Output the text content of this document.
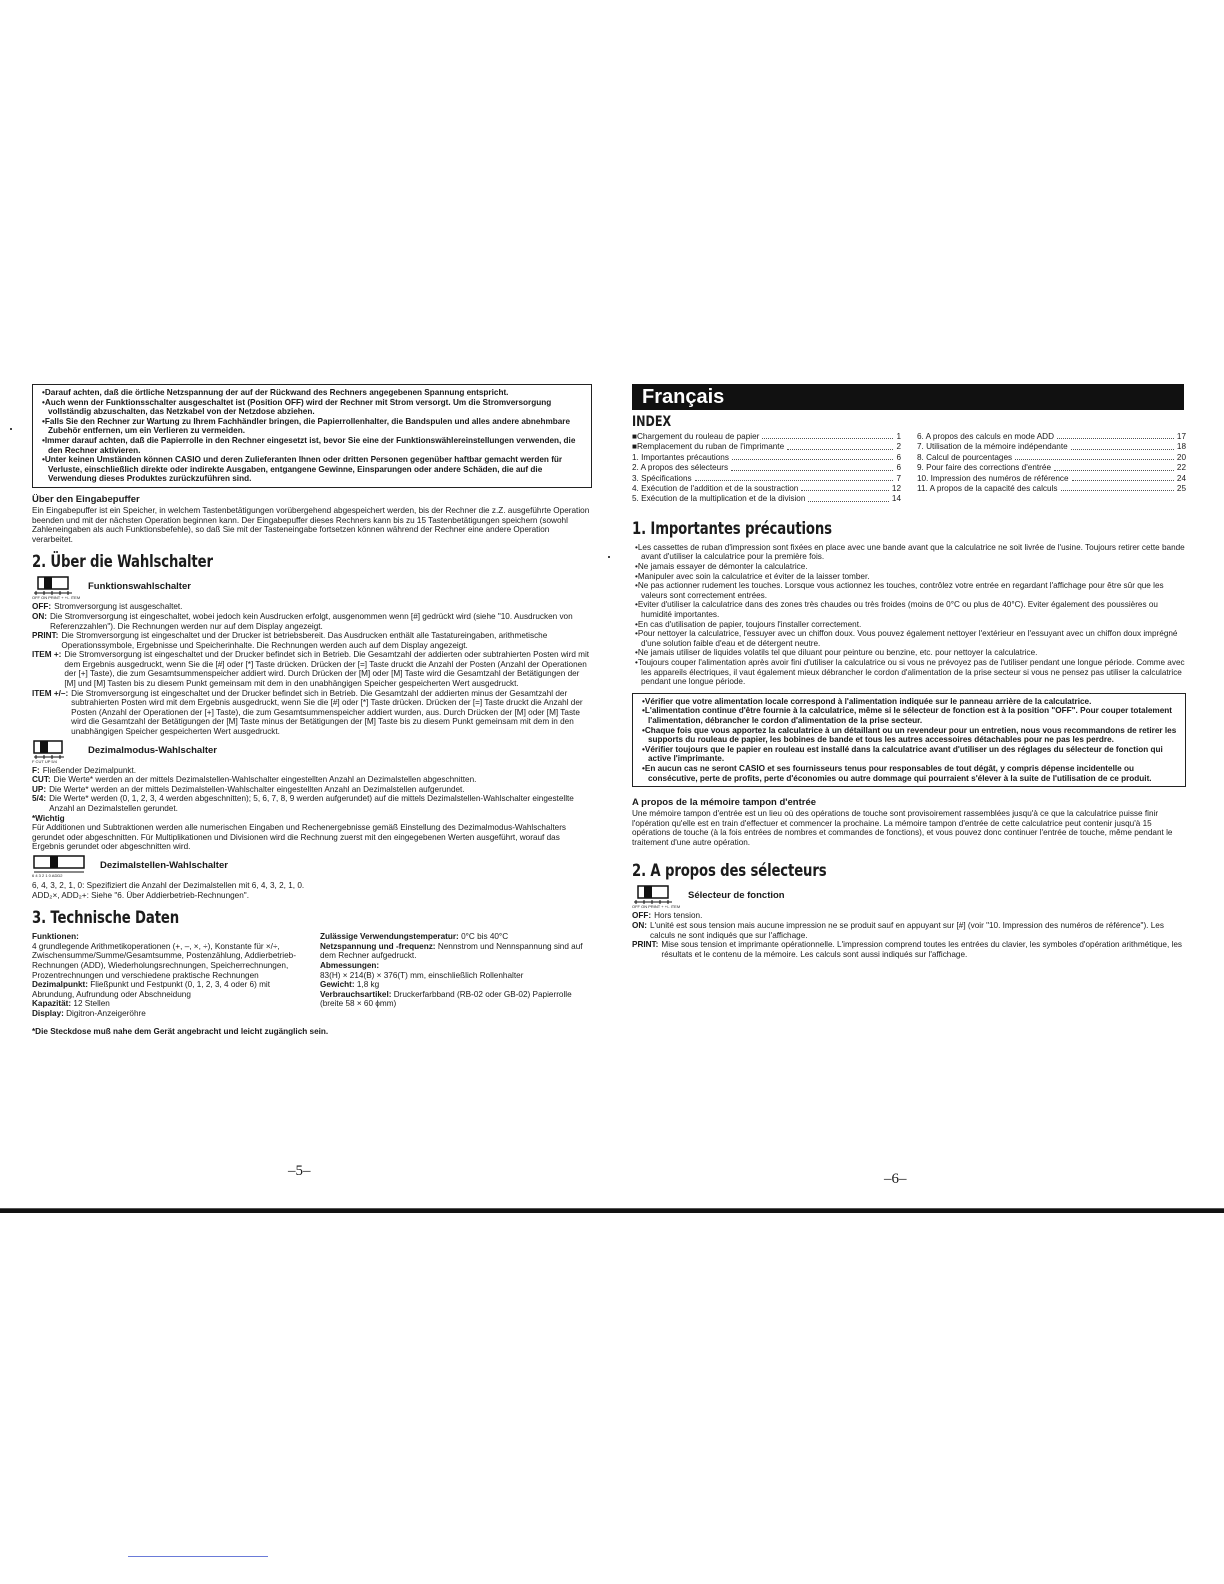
•Darauf achten, daß die örtliche Netzspannung der auf der Rückwand des Rechners angegebenen Spannung entspricht.

•Auch wenn der Funktionsschalter ausgeschaltet ist (Position OFF) wird der Rechner mit Strom versorgt. Um die Stromversorgung vollständig abzuschalten, das Netzkabel von der Netzdose abziehen.

•Falls Sie den Rechner zur Wartung zu Ihrem Fachhändler bringen, die Papierrollenhalter, die Bandspulen und alles andere abnehmbare Zubehör entfernen, um ein Verlieren zu vermeiden.

•Immer darauf achten, daß die Papierrolle in den Rechner eingesetzt ist, bevor Sie eine der Funktionswählereinstellungen verwenden, die den Rechner aktivieren.

•Unter keinen Umständen können CASIO und deren Zulieferanten Ihnen oder dritten Personen gegenüber haftbar gemacht werden für Verluste, einschließlich direkte oder indirekte Ausgaben, entgangene Gewinne, Einsparungen oder andere Schäden, die auf die Verwendung dieses Produktes zurückzuführen sind.

Über den Eingabepuffer

Ein Eingabepuffer ist ein Speicher, in welchem Tastenbetätigungen vorübergehend abgespeichert werden, bis der Rechner die z.Z. ausgeführte Operation beenden und mit der nächsten Operation beginnen kann. Der Eingabepuffer dieses Rechners kann bis zu 15 Tastenbetätigungen speichern (sowohl Zahleneingaben als auch Funktionsbefehle), so daß Sie mit der Tasteneingabe fortsetzen können während der Rechner eine andere Operation verarbeitet.

2. Über die Wahlschalter
OFF ON PRINT + +/- ITEM
Funktionswahlschalter
OFF: Stromversorgung ist ausgeschaltet.
ON: Die Stromversorgung ist eingeschaltet, wobei jedoch kein Ausdrucken erfolgt, ausgenommen wenn [#] gedrückt wird (siehe "10. Ausdrucken von Referenzzahlen"). Die Rechnungen werden nur auf dem Display angezeigt.
PRINT: Die Stromversorgung ist eingeschaltet und der Drucker ist betriebsbereit. Das Ausdrucken enthält alle Tastatureingaben, arithmetische Operationssymbole, Ergebnisse und Speicherinhalte. Die Rechnungen werden auch auf dem Display angezeigt.
ITEM +: Die Stromversorgung ist eingeschaltet und der Drucker befindet sich in Betrieb. Die Gesamtzahl der addierten oder subtrahierten Posten wird mit dem Ergebnis ausgedruckt, wenn Sie die [#] oder [*] Taste drücken. Drücken der [=] Taste druckt die Anzahl der Posten (Anzahl der Operationen der [+] Taste), die zum Gesamtsummenspeicher addiert wird. Durch Drücken der [M] oder [M] Taste wird die Gesamtzahl der Betätigungen der [M] und [M] Tasten bis zu diesem Punkt gemeinsam mit dem in den unabhängigen Speicher gespeicherten Wert ausgedruckt.
ITEM +/–: Die Stromversorgung ist eingeschaltet und der Drucker befindet sich in Betrieb. Die Gesamtzahl der addierten minus der Gesamtzahl der subtrahierten Posten wird mit dem Ergebnis ausgedruckt, wenn Sie die [#] oder [*] Taste drücken. Drücken der [=] Taste druckt die Anzahl der Posten (Anzahl der Operationen der [+] Taste), die zum Gesamtsummenspeicher addiert wurden, aus. Durch Drücken der [M] oder [M] Taste wird die Gesamtzahl der Betätigungen der [M] Taste minus der Betätigungen der [M] Taste bis zu diesem Punkt gemeinsam mit dem in den unabhängigen Speicher gespeicherten Wert ausgedruckt.
F CUT UP 5/4
Dezimalmodus-Wahlschalter
F: Fließender Dezimalpunkt.
CUT: Die Werte* werden an der mittels Dezimalstellen-Wahlschalter eingestellten Anzahl an Dezimalstellen abgeschnitten.
UP: Die Werte* werden an der mittels Dezimalstellen-Wahlschalter eingestellten Anzahl an Dezimalstellen aufgerundet.
5/4: Die Werte* werden (0, 1, 2, 3, 4 werden abgeschnitten); 5, 6, 7, 8, 9 werden aufgerundet) auf die mittels Dezimalstellen-Wahlschalter eingestellte Anzahl an Dezimalstellen gerundet.

*Wichtig

Für Additionen und Subtraktionen werden alle numerischen Eingaben und Rechenergebnisse gemäß Einstellung des Dezimalmodus-Wahlschalters gerundet oder abgeschnitten. Für Multiplikationen und Divisionen wird die Rechnung zuerst mit den eingegebenen Werten ausgeführt, worauf das Ergebnis gerundet oder abgeschnitten wird.

6 4 3 2 1 0 ADD2
Dezimalstellen-Wahlschalter

6, 4, 3, 2, 1, 0: Spezifiziert die Anzahl der Dezimalstellen mit 6, 4, 3, 2, 1, 0.

ADD₂×, ADD₂+: Siehe "6. Über Addierbetrieb-Rechnungen".

3. Technische Daten

Funktionen:

4 grundlegende Arithmetikoperationen (+, –, ×, ÷), Konstante für ×/÷, Zwischensumme/Summe/Gesamtsumme, Postenzählung, Addierbetrieb-Rechnungen (ADD), Wiederholungsrechnungen, Speicherrechnungen, Prozentrechnungen und verschiedene praktische Rechnungen

Dezimalpunkt: Fließpunkt und Festpunkt (0, 1, 2, 3, 4 oder 6) mit Abrundung, Aufrundung oder Abschneidung

Kapazität: 12 Stellen

Display: Digitron-Anzeigeröhre

Zulässige Verwendungstemperatur: 0°C bis 40°C

Netzspannung und -frequenz: Nennstrom und Nennspannung sind auf dem Rechner aufgedruckt.

Abmessungen:

83(H) × 214(B) × 376(T) mm, einschließlich Rollenhalter

Gewicht: 1,8 kg

Verbrauchsartikel: Druckerfarbband (RB-02 oder GB-02) Papierrolle (breite 58 × 60 ϕmm)

*Die Steckdose muß nahe dem Gerät angebracht und leicht zugänglich sein.

–5–
Français
INDEX
■Chargement du rouleau de papier	1
■Remplacement du ruban de l'imprimante	2
1. Importantes précautions	6
2. A propos des sélecteurs	6
3. Spécifications	7
4. Exécution de l'addition et de la soustraction	12
5. Exécution de la multiplication et de la division	14
6. A propos des calculs en mode ADD	17
7. Utilisation de la mémoire indépendante	18
8. Calcul de pourcentages	20
9. Pour faire des corrections d'entrée	22
10. Impression des numéros de référence	24
11. A propos de la capacité des calculs	25
1. Importantes précautions

•Les cassettes de ruban d'impression sont fixées en place avec une bande avant que la calculatrice ne soit livrée de l'usine. Toujours retirer cette bande avant d'utiliser la calculatrice pour la première fois.

•Ne jamais essayer de démonter la calculatrice.

•Manipuler avec soin la calculatrice et éviter de la laisser tomber.

•Ne pas actionner rudement les touches. Lorsque vous actionnez les touches, contrôlez votre entrée en regardant l'affichage pour être sûr que les valeurs sont correctement entrées.

•Eviter d'utiliser la calculatrice dans des zones très chaudes ou très froides (moins de 0°C ou plus de 40°C). Eviter également des poussières ou humidité importantes.

•En cas d'utilisation de papier, toujours l'installer correctement.

•Pour nettoyer la calculatrice, l'essuyer avec un chiffon doux. Vous pouvez également nettoyer l'extérieur en l'essuyant avec un chiffon doux imprégné d'une solution faible d'eau et de détergent neutre.

•Ne jamais utiliser de liquides volatils tel que diluant pour peinture ou benzine, etc. pour nettoyer la calculatrice.

•Toujours couper l'alimentation après avoir fini d'utiliser la calculatrice ou si vous ne prévoyez pas de l'utiliser pendant une longue période. Comme avec les appareils électriques, il vaut également mieux débrancher le cordon d'alimentation de la prise secteur si vous ne pensez pas utiliser la calculatrice pendant une longue période.

•Vérifier que votre alimentation locale correspond à l'alimentation indiquée sur le panneau arrière de la calculatrice.

•L'alimentation continue d'être fournie à la calculatrice, même si le sélecteur de fonction est à la position "OFF". Pour couper totalement l'alimentation, débrancher le cordon d'alimentation de la prise secteur.

•Chaque fois que vous apportez la calculatrice à un détaillant ou un revendeur pour un entretien, nous vous recommandons de retirer les supports du rouleau de papier, les bobines de bande et tous les autres accessoires détachables pour ne pas les perdre.

•Vérifier toujours que le papier en rouleau est installé dans la calculatrice avant d'utiliser un des réglages du sélecteur de fonction qui active l'imprimante.

•En aucun cas ne seront CASIO et ses fournisseurs tenus pour responsables de tout dégât, y compris dépense incidentelle ou consécutive, perte de profits, perte d'économies ou autre dommage qui pourraient s'élever à la suite de l'utilisation de ce produit.

A propos de la mémoire tampon d'entrée

Une mémoire tampon d'entrée est un lieu où des opérations de touche sont provisoirement rassemblées jusqu'à ce que la calculatrice puisse finir l'opération qu'elle est en train d'effectuer et commencer la prochaine. La mémoire tampon d'entrée de cette calculatrice peut contenir jusqu'à 15 opérations de touche (à la fois entrées de nombres et commandes de fonctions), et vous pouvez donc continuer l'entrée de touche, même pendant le traitement d'une autre opération.

2. A propos des sélecteurs
OFF ON PRINT + +/- ITEM
Sélecteur de fonction
OFF: Hors tension.
ON: L'unité est sous tension mais aucune impression ne se produit sauf en appuyant sur [#] (voir "10. Impression des numéros de référence"). Les calculs ne sont indiqués que sur l'affichage.
PRINT: Mise sous tension et imprimante opérationnelle. L'impression comprend toutes les entrées du clavier, les symboles d'opération arithmétique, les résultats et le contenu de la mémoire. Les calculs sont aussi indiqués sur l'affichage.
–6–
